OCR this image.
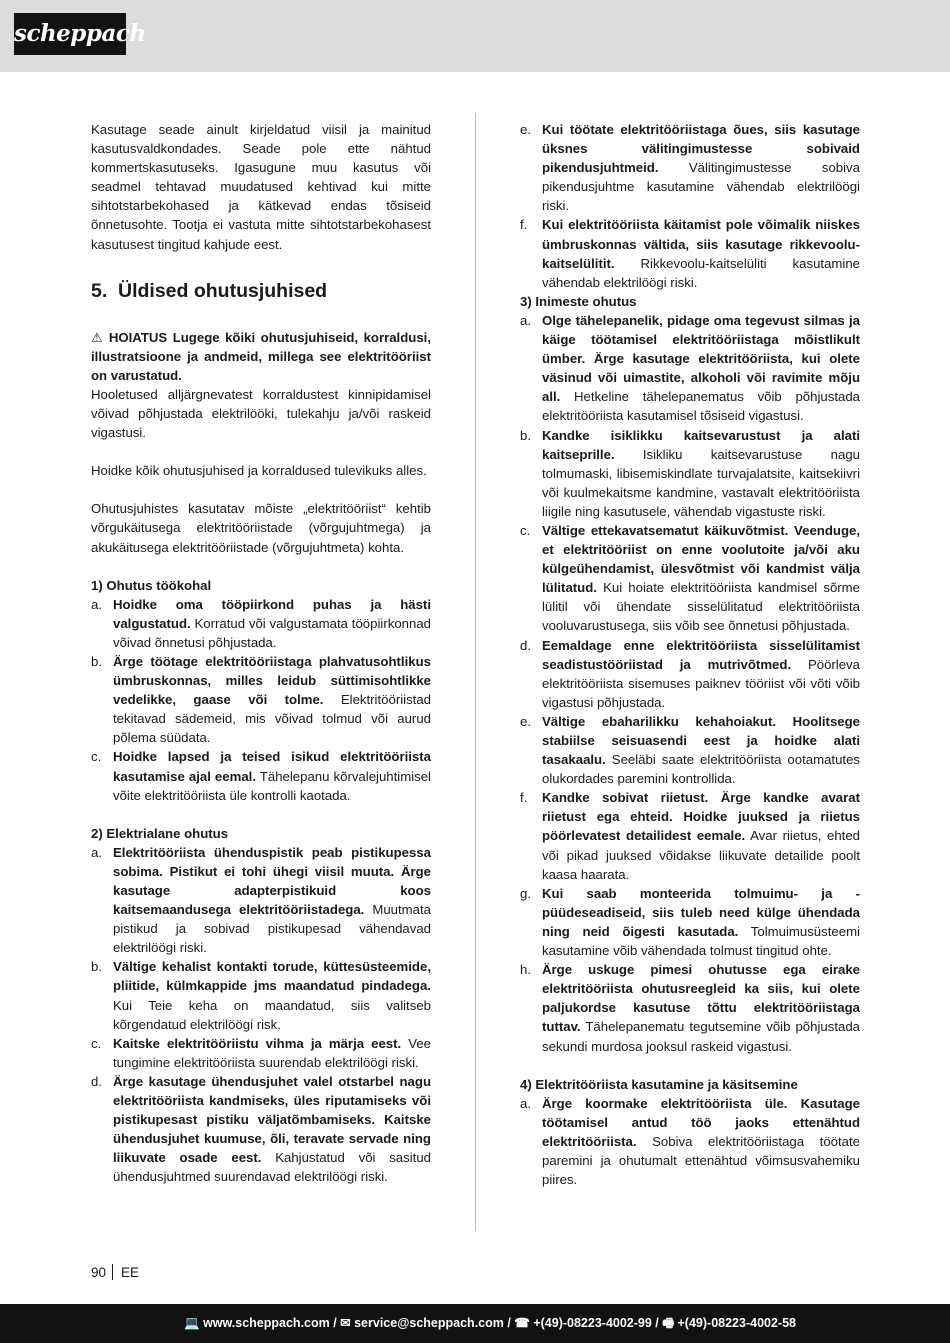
scheppach

Kasutage seade ainult kirjeldatud viisil ja mainitud kasutusvaldkondades. Seade pole ette nähtud kommertskasutuseks. Igasugune muu kasutus või seadmel tehtavad muudatused kehtivad kui mitte sihtotstarbekohased ja kätkevad endas tõsiseid õnnetusohte. Tootja ei vastuta mitte sihtotstarbekohasest kasutusest tingitud kahjude eest.

5. Üldised ohutusjuhised

⚠ HOIATUS Lugege kõiki ohutusjuhiseid, korraldusi, illustratsioone ja andmeid, millega see elektritööriist on varustatud.

Hooletused alljärgnevatest korraldustest kinnipidamisel võivad põhjustada elektrilööki, tulekahju ja/või raskeid vigastusi.

Hoidke kõik ohutusjuhised ja korraldused tulevikuks alles.

Ohutusjuhistes kasutatav mõiste „elektritööriist“ kehtib võrgukäitusega elektritööriistade (võrgujuhtmega) ja akukäitusega elektritööriistade (võrgujuhtmeta) kohta.

1) Ohutus töökohal

a. Hoidke oma tööpiirkond puhas ja hästi valgustatud. Korratud või valgustamata tööpiirkonnad võivad õnnetusi põhjustada.
b. Ärge töötage elektritööriistaga plahvatusohtlikus ümbruskonnas, milles leidub süttimisohtlikke vedelikke, gaase või tolme. Elektritööriistad tekitavad sädemeid, mis võivad tolmud või aurud põlema süüdata.
c. Hoidke lapsed ja teised isikud elektritööriista kasutamise ajal eemal. Tähelepanu kõrvalejuhtimisel võite elektritööriista üle kontrolli kaotada.

2) Elektrialane ohutus

a. Elektritööriista ühenduspistik peab pistikupessa sobima. Pistikut ei tohi ühegi viisil muuta. Ärge kasutage adapterpistikuid koos kaitsemaandusega elektritööriistadega. Muutmata pistikud ja sobivad pistikupesad vähendavad elektrilöögi riski.
b. Vältige kehalist kontakti torude, küttesüsteemide, pliitide, külmkappide jms maandatud pindadega. Kui Teie keha on maandatud, siis valitseb kõrgendatud elektrilöögi risk.
c. Kaitske elektritööriistu vihma ja märja eest. Vee tungimine elektritööriista suurendab elektrilöögi riski.
d. Ärge kasutage ühendusjuhet valel otstarbel nagu elektritööriista kandmiseks, üles riputamiseks või pistikupesast pistiku väljatõmbamiseks. Kaitske ühendusjuhet kuumuse, õli, teravate servade ning liikuvate osade eest. Kahjustatud või sasitud ühendusjuhtmed suurendavad elektrilöögi riski.
e. Kui töötate elektritööriistaga õues, siis kasutage üksnes välitingimustesse sobivaid pikendusjuhtmeid. Välitingimustesse sobiva pikendusjuhtme kasutamine vähendab elektrilöögi riski.
f.	Kui elektritööriista käitamist pole võimalik niiskes ümbruskonnas vältida, siis kasutage rikkevoolu-kaitselülitit. Rikkevoolu-kaitselüliti kasutamine vähendab elektrilöögi riski.

3) Inimeste ohutus

a. Olge tähelepanelik, pidage oma tegevust silmas ja käige töötamisel elektritööriistaga mõistlikult ümber. Ärge kasutage elektritööriista, kui olete väsinud või uimastite, alkoholi või ravimite mõju all. Hetkeline tähelepanematus võib põhjustada elektritööriista kasutamisel tõsiseid vigastusi.
b. Kandke isiklikku kaitsevarustust ja alati kaitseprille. Isikliku kaitsevarustuse nagu tolmumaski, libisemiskindlate turvajalatsite, kaitsekiivri või kuulmekaitsme kandmine, vastavalt elektritööriista liigile ning kasutusele, vähendab vigastuste riski.
c. Vältige ettekavatsematut käikuvõtmist. Veenduge, et elektritööriist on enne voolutoite ja/või aku külgeühendamist, ülesvõtmist või kandmist välja lülitatud. Kui hoiate elektritööriista kandmisel sõrme lülitil või ühendate sisselülitatud elektritööriista vooluvarustusega, siis võib see õnnetusi põhjustada.
d. Eemaldage enne elektritööriista sisselülitamist seadistustööriistad ja mutrivõtmed. Pöörleva elektritööriista sisemuses paiknev tööriist või võti võib vigastusi põhjustada.
e. Vältige ebaharilikku kehahoiakut. Hoolitsege stabiilse seisuasendi eest ja hoidke alati tasakaalu. Seeläbi saate elektritööriista ootamatutes olukordades paremini kontrollida.
f.	Kandke sobivat riietust. Ärge kandke avarat riietust ega ehteid. Hoidke juuksed ja riietus pöörlevatest detailidest eemale. Avar riietus, ehted või pikad juuksed võidakse liikuvate detailide poolt kaasa haarata.
g. Kui saab monteerida tolmuimu- ja -püüdeseadiseid, siis tuleb need külge ühendada ning neid õigesti kasutada. Tolmuimusüsteemi kasutamine võib vähendada tolmust tingitud ohte.
h. Ärge uskuge pimesi ohutusse ega eirake elektritööriista ohutusreegleid ka siis, kui olete paljukordse kasutuse tõttu elektritööriistaga tuttav. Tähelepanematu tegutsemine võib põhjustada sekundi murdosa jooksul raskeid vigastusi.

4) Elektritööriista kasutamine ja käsitsemine

a. Ärge koormake elektritööriista üle. Kasutage töötamisel antud töö jaoks ettenähtud elektritööriista. Sobiva elektritööriistaga töötate paremini ja ohutumalt ettenähtud võimsusvahemiku piires.
90 EE
💻 www.scheppach.com / ✉ service@scheppach.com / ☎ +(49)-08223-4002-99 / 🖷 +(49)-08223-4002-58
